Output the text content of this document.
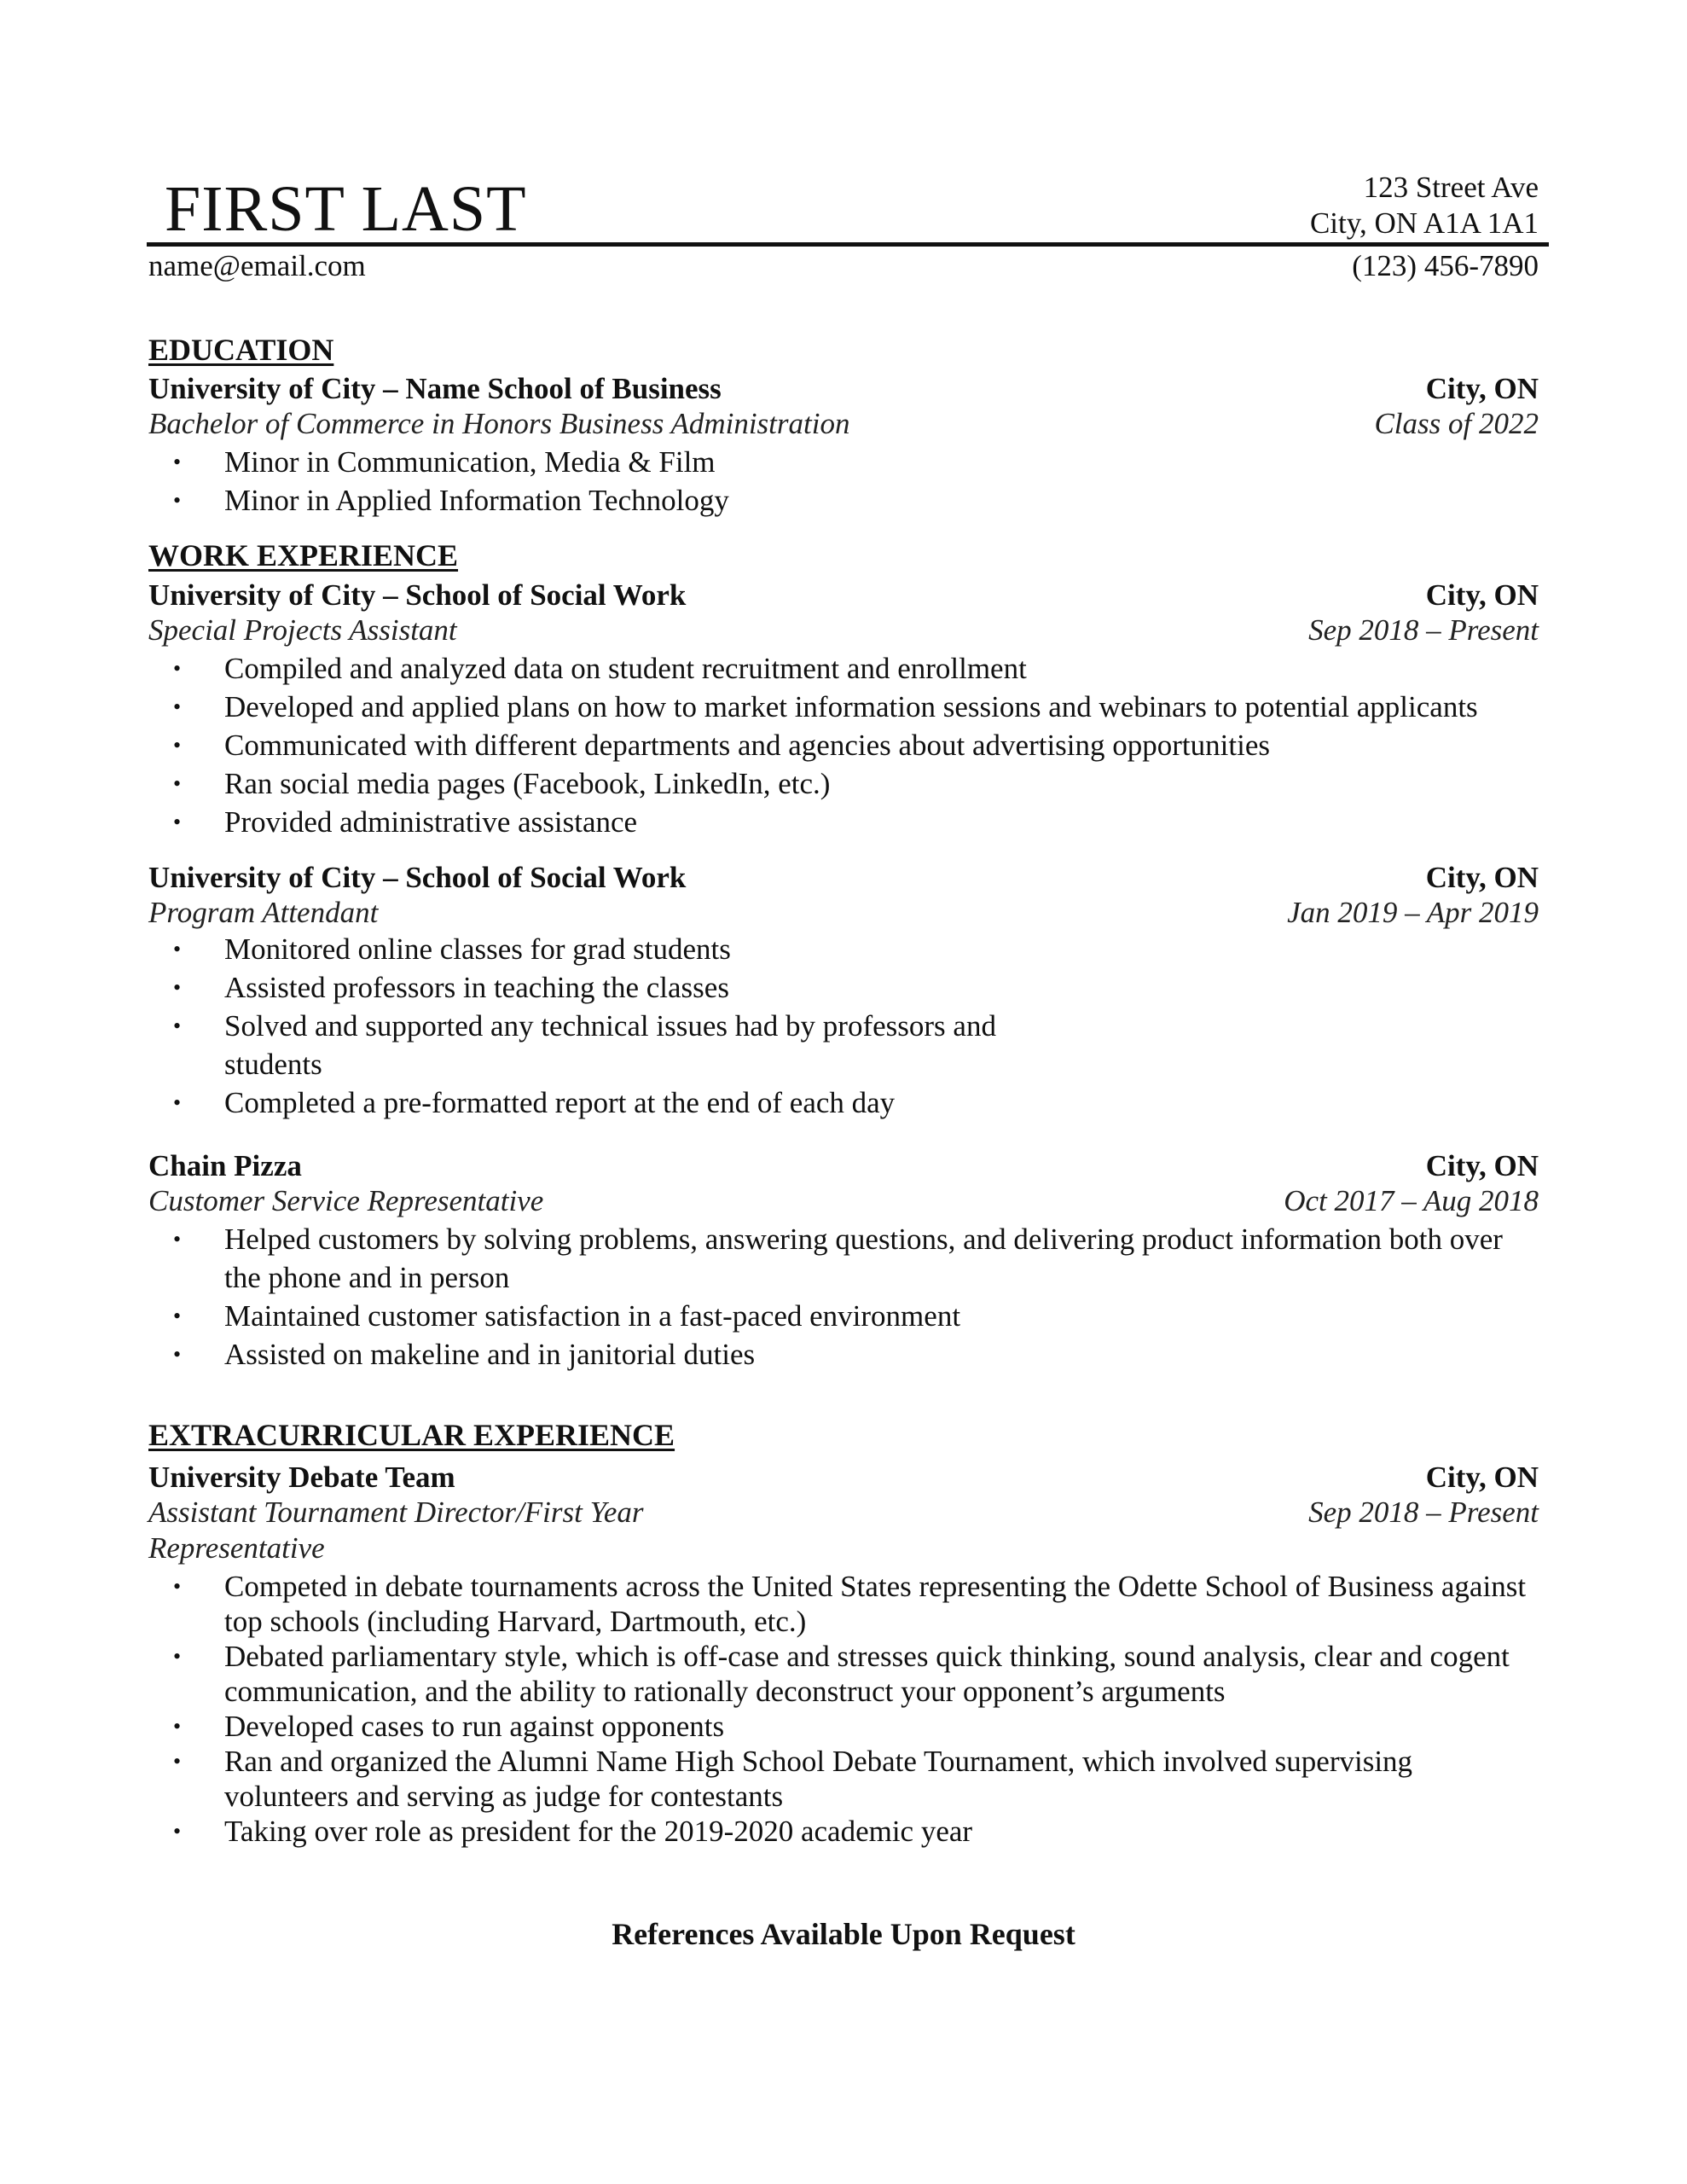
FIRST LAST	123 Street Ave
City, ON A1A 1A1
name@email.com	(123) 456-7890
EDUCATION
University of City – Name School of Business	City, ON
Bachelor of Commerce in Honors Business Administration	Class of 2022
• Minor in Communication, Media & Film
• Minor in Applied Information Technology
WORK EXPERIENCE
University of City – School of Social Work	City, ON
Special Projects Assistant	Sep 2018 – Present
• Compiled and analyzed data on student recruitment and enrollment
• Developed and applied plans on how to market information sessions and webinars to potential applicants
• Communicated with different departments and agencies about advertising opportunities
• Ran social media pages (Facebook, LinkedIn, etc.)
• Provided administrative assistance
University of City – School of Social Work	City, ON
Program Attendant	Jan 2019 – Apr 2019
• Monitored online classes for grad students
• Assisted professors in teaching the classes
• Solved and supported any technical issues had by professors and students
• Completed a pre-formatted report at the end of each day
Chain Pizza	City, ON
Customer Service Representative	Oct 2017 – Aug 2018
• Helped customers by solving problems, answering questions, and delivering product information both over the phone and in person
• Maintained customer satisfaction in a fast-paced environment
• Assisted on makeline and in janitorial duties
EXTRACURRICULAR EXPERIENCE
University Debate Team	City, ON
Assistant Tournament Director/First Year Representative
Sep 2018 – Present
• Competed in debate tournaments across the United States representing the Odette School of Business against top schools (including Harvard, Dartmouth, etc.)
• Debated parliamentary style, which is off-case and stresses quick thinking, sound analysis, clear and cogent communication, and the ability to rationally deconstruct your opponent’s arguments
• Developed cases to run against opponents
• Ran and organized the Alumni Name High School Debate Tournament, which involved supervising volunteers and serving as judge for contestants
• Taking over role as president for the 2019-2020 academic year
References Available Upon Request
